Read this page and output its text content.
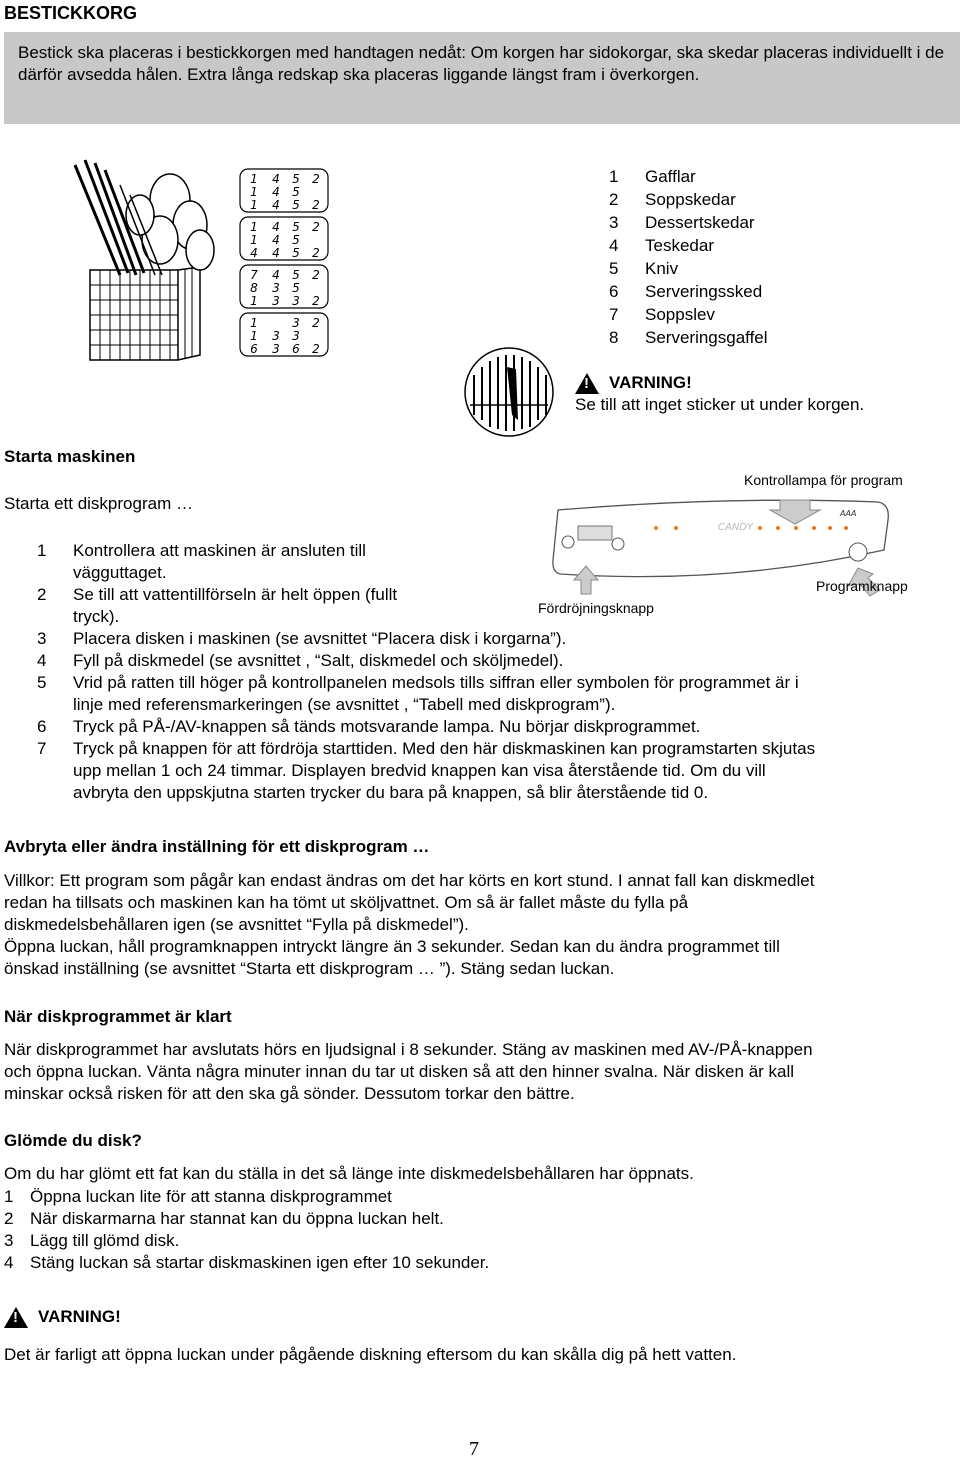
BESTICKKORG
Bestick ska placeras i bestickkorgen med handtagen nedåt: Om korgen har sidokorgar, ska skedar placeras individuellt i de därför avsedda hålen. Extra långa redskap ska placeras liggande längst fram i överkorgen.
1 4 5 2
1 4 5
1 4 5 2
1 4 5 2
1 4 5
4 4 5 2
7 4 5 2
8 3 5
1 3 3 2
1	3 2
1 3 3
6 3 6 2
1	Gafflar
2	Soppskedar
3	Dessertskedar
4	Teskedar
5	Kniv
6	Serveringssked
7	Soppslev
8	Serveringsgaffel
!
VARNING!
Se till att inget sticker ut under korgen.
Starta maskinen
Starta ett diskprogram …
Kontrollampa för program
CANDY
AAA
Programknapp
Fördröjningsknapp
1	Kontrollera att maskinen är ansluten till
vägguttaget.
2	Se till att vattentillförseln är helt öppen (fullt
tryck).
3	Placera disken i maskinen (se avsnittet “Placera disk i korgarna”).
4	Fyll på diskmedel (se avsnittet , “Salt, diskmedel och sköljmedel).
5	Vrid på ratten till höger på kontrollpanelen medsols tills siffran eller symbolen för programmet är i
linje med referensmarkeringen (se avsnittet , “Tabell med diskprogram”).
6	Tryck på PÅ-/AV-knappen så tänds motsvarande lampa. Nu börjar diskprogrammet.
7	Tryck på knappen för att fördröja starttiden. Med den här diskmaskinen kan programstarten skjutas
upp mellan 1 och 24 timmar. Displayen bredvid knappen kan visa återstående tid. Om du vill
avbryta den uppskjutna starten trycker du bara på knappen, så blir återstående tid 0.
Avbryta eller ändra inställning för ett diskprogram …
Villkor: Ett program som pågår kan endast ändras om det har körts en kort stund. I annat fall kan diskmedlet
redan ha tillsats och maskinen kan ha tömt ut sköljvattnet. Om så är fallet måste du fylla på
diskmedelsbehållaren igen (se avsnittet “Fylla på diskmedel”).
Öppna luckan, håll programknappen intryckt längre än 3 sekunder. Sedan kan du ändra programmet till
önskad inställning (se avsnittet “Starta ett diskprogram … ”). Stäng sedan luckan.
När diskprogrammet är klart
När diskprogrammet har avslutats hörs en ljudsignal i 8 sekunder. Stäng av maskinen med AV-/PÅ-knappen
och öppna luckan. Vänta några minuter innan du tar ut disken så att den hinner svalna. När disken är kall
minskar också risken för att den ska gå sönder. Dessutom torkar den bättre.
Glömde du disk?
Om du har glömt ett fat kan du ställa in det så länge inte diskmedelsbehållaren har öppnats.
1 Öppna luckan lite för att stanna diskprogrammet
2 När diskarmarna har stannat kan du öppna luckan helt.
3 Lägg till glömd disk.
4 Stäng luckan så startar diskmaskinen igen efter 10 sekunder.
!
VARNING!
Det är farligt att öppna luckan under pågående diskning eftersom du kan skålla dig på hett vatten.
7
